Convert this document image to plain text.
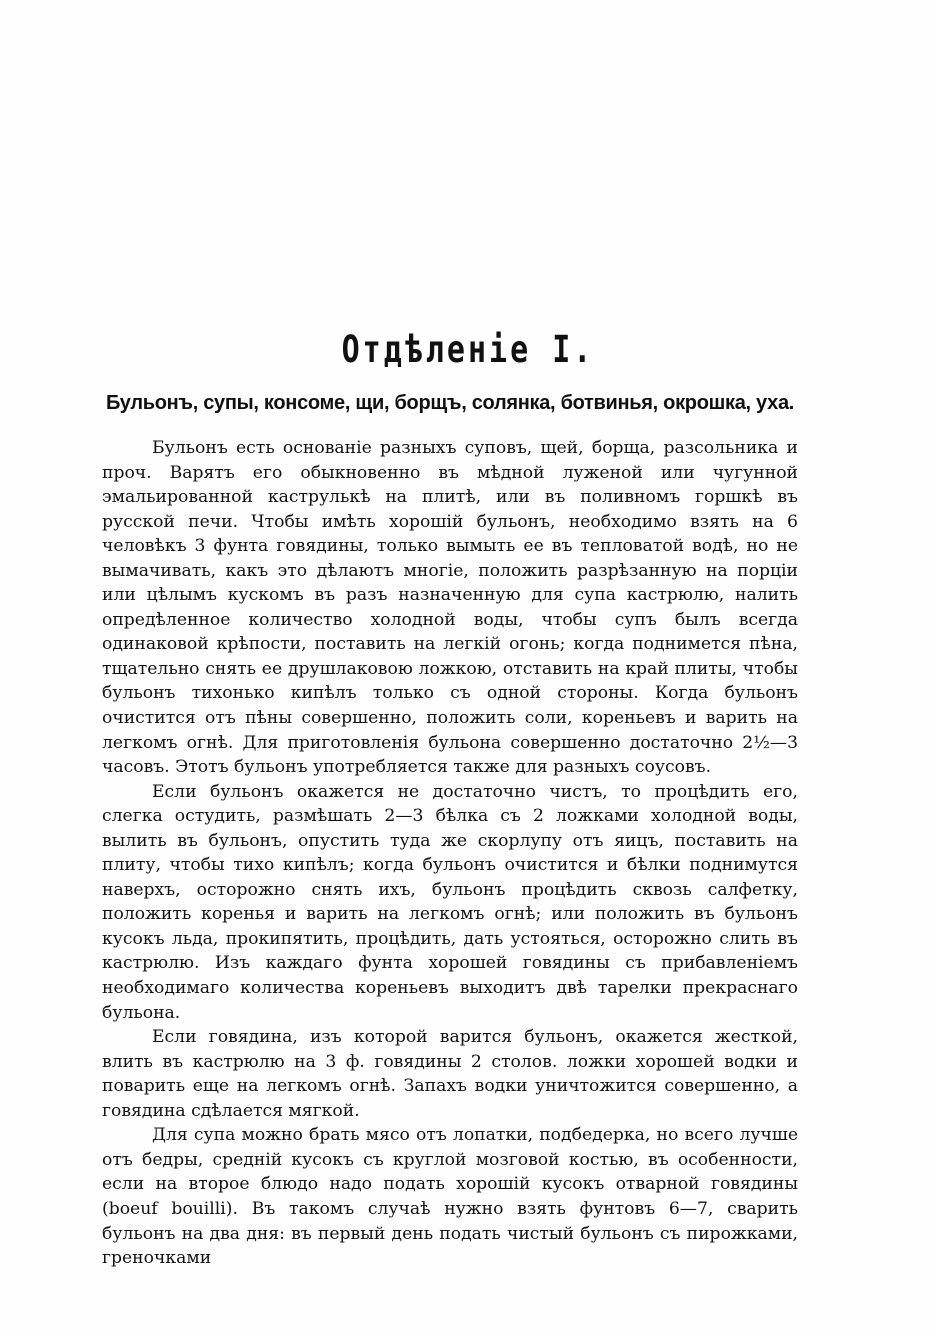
Отдѣленіе I.
Бульонъ, супы, консоме, щи, борщъ, солянка, ботвинья, окрошка, уха.

Бульонъ есть основаніе разныхъ суповъ, щей, борща, разсольника и проч. Варятъ его обыкновенно въ мѣдной луженой или чугунной эмальированной каструлькѣ на плитѣ, или въ поливномъ горшкѣ въ русской печи. Чтобы имѣть хорошій бульонъ, необходимо взять на 6 человѣкъ 3 фунта говядины, только вымыть ее въ тепловатой водѣ, но не вымачивать, какъ это дѣлаютъ многіе, положить разрѣзанную на порціи или цѣлымъ кускомъ въ разъ назначенную для супа кастрюлю, налить опредѣленное количество холодной воды, чтобы супъ былъ всегда одинаковой крѣпости, поставить на легкій огонь; когда поднимется пѣна, тщательно снять ее друшлаковою ложкою, отставить на край плиты, чтобы бульонъ тихонько кипѣлъ только съ одной стороны. Когда бульонъ очистится отъ пѣны совершенно, положить соли, кореньевъ и варить на легкомъ огнѣ. Для приготовленія бульона совершенно достаточно 2½—3 часовъ. Этотъ бульонъ употребляется также для разныхъ соусовъ.

Если бульонъ окажется не достаточно чистъ, то процѣдить его, слегка остудить, размѣшать 2—3 бѣлка съ 2 ложками холодной воды, вылить въ бульонъ, опустить туда же скорлупу отъ яицъ, поставить на плиту, чтобы тихо кипѣлъ; когда бульонъ очистится и бѣлки поднимутся наверхъ, осторожно снять ихъ, бульонъ процѣдить сквозь салфетку, положить коренья и варить на легкомъ огнѣ; или положить въ бульонъ кусокъ льда, прокипятить, процѣдить, дать устояться, осторожно слить въ кастрюлю. Изъ каждаго фунта хорошей говядины съ прибавленіемъ необходимаго количества кореньевъ выходитъ двѣ тарелки прекраснаго бульона.

Если говядина, изъ которой варится бульонъ, окажется жесткой, влить въ кастрюлю на 3 ф. говядины 2 столов. ложки хорошей водки и поварить еще на легкомъ огнѣ. Запахъ водки уничтожится совершенно, а говядина сдѣлается мягкой.

Для супа можно брать мясо отъ лопатки, подбедерка, но всего лучше отъ бедры, средній кусокъ съ круглой мозговой костью, въ особенности, если на второе блюдо надо подать хорошій кусокъ отварной говядины (boeuf bouilli). Въ такомъ случаѣ нужно взять фунтовъ 6—7, сварить бульонъ на два дня: въ первый день подать чистый бульонъ съ пирожками, греночками
